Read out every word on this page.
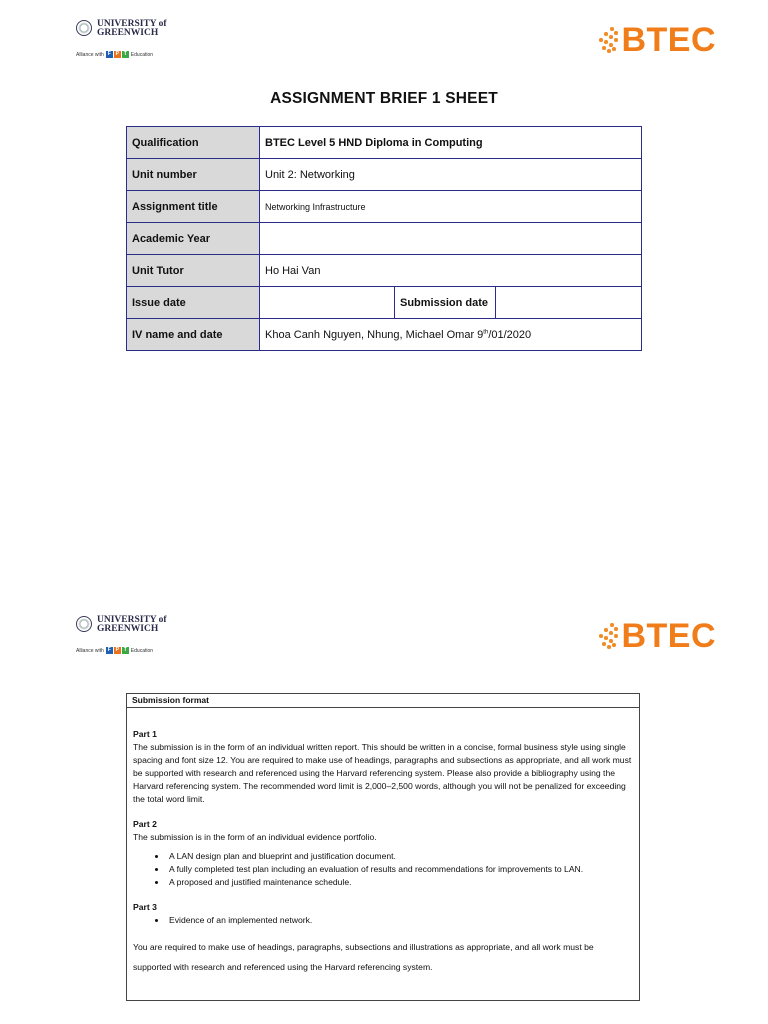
UNIVERSITY of
GREENWICH
Alliance with F P T Education	BTEC
ASSIGNMENT BRIEF 1 SHEET
Qualification	BTEC Level 5 HND Diploma in Computing		
Unit number	Unit 2: Networking		
Assignment title	Networking Infrastructure		
Academic Year			
Unit Tutor	Ho Hai Van		
Issue date		Submission date	
IV name and date	Khoa Canh Nguyen, Nhung, Michael Omar 9th/01/2020		
UNIVERSITY of
GREENWICH
Alliance with F P T Education	BTEC
Submission format
Part 1

The submission is in the form of an individual written report. This should be written in a concise, formal business style using single spacing and font size 12. You are required to make use of headings, paragraphs and subsections as appropriate, and all work must be supported with research and referenced using the Harvard referencing system. Please also provide a bibliography using the Harvard referencing system. The recommended word limit is 2,000–2,500 words, although you will not be penalized for exceeding the total word limit.

Part 2

The submission is in the form of an individual evidence portfolio.

• A LAN design plan and blueprint and justification document.
• A fully completed test plan including an evaluation of results and recommendations for improvements to LAN.
• A proposed and justified maintenance schedule.
Part 3
• Evidence of an implemented network.

You are required to make use of headings, paragraphs, subsections and illustrations as appropriate, and all work must be supported with research and referenced using the Harvard referencing system.
